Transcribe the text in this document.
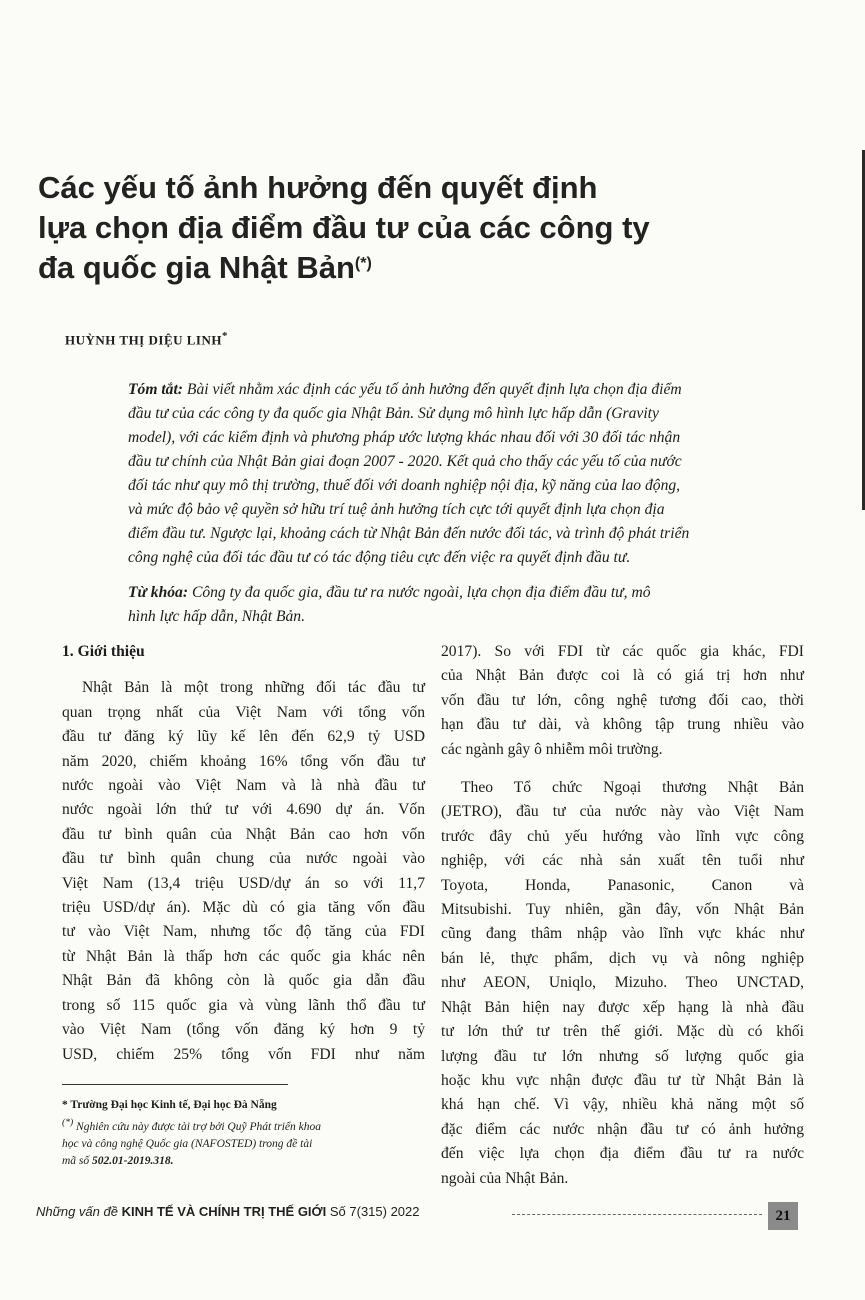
Các yếu tố ảnh hưởng đến quyết định
lựa chọn địa điểm đầu tư của các công ty
đa quốc gia Nhật Bản(*)
HUỲNH THỊ DIỆU LINH*
Tóm tắt: Bài viết nhằm xác định các yếu tố ảnh hưởng đến quyết định lựa chọn địa điểm
đầu tư của các công ty đa quốc gia Nhật Bản. Sử dụng mô hình lực hấp dẫn (Gravity
model), với các kiểm định và phương pháp ước lượng khác nhau đối với 30 đối tác nhận
đầu tư chính của Nhật Bản giai đoạn 2007 - 2020. Kết quả cho thấy các yếu tố của nước
đối tác như quy mô thị trường, thuế đối với doanh nghiệp nội địa, kỹ năng của lao động,
và mức độ bảo vệ quyền sở hữu trí tuệ ảnh hưởng tích cực tới quyết định lựa chọn địa
điểm đầu tư. Ngược lại, khoảng cách từ Nhật Bản đến nước đối tác, và trình độ phát triển
công nghệ của đối tác đầu tư có tác động tiêu cực đến việc ra quyết định đầu tư.
Từ khóa: Công ty đa quốc gia, đầu tư ra nước ngoài, lựa chọn địa điểm đầu tư, mô
hình lực hấp dẫn, Nhật Bản.
1. Giới thiệu
Nhật Bản là một trong những đối tác đầu tư
quan trọng nhất của Việt Nam với tổng vốn
đầu tư đăng ký lũy kế lên đến 62,9 tỷ USD
năm 2020, chiếm khoảng 16% tổng vốn đầu tư
nước ngoài vào Việt Nam và là nhà đầu tư
nước ngoài lớn thứ tư với 4.690 dự án. Vốn
đầu tư bình quân của Nhật Bản cao hơn vốn
đầu tư bình quân chung của nước ngoài vào
Việt Nam (13,4 triệu USD/dự án so với 11,7
triệu USD/dự án). Mặc dù có gia tăng vốn đầu
tư vào Việt Nam, nhưng tốc độ tăng của FDI
từ Nhật Bản là thấp hơn các quốc gia khác nên
Nhật Bản đã không còn là quốc gia dẫn đầu
trong số 115 quốc gia và vùng lãnh thổ đầu tư
vào Việt Nam (tổng vốn đăng ký hơn 9 tỷ
USD, chiếm 25% tổng vốn FDI như năm
2017). So với FDI từ các quốc gia khác, FDI
của Nhật Bản được coi là có giá trị hơn như
vốn đầu tư lớn, công nghệ tương đối cao, thời
hạn đầu tư dài, và không tập trung nhiều vào
các ngành gây ô nhiễm môi trường.
Theo Tổ chức Ngoại thương Nhật Bản
(JETRO), đầu tư của nước này vào Việt Nam
trước đây chủ yếu hướng vào lĩnh vực công
nghiệp, với các nhà sản xuất tên tuổi như
Toyota, Honda, Panasonic, Canon và
Mitsubishi. Tuy nhiên, gần đây, vốn Nhật Bản
cũng đang thâm nhập vào lĩnh vực khác như
bán lẻ, thực phẩm, dịch vụ và nông nghiệp
như AEON, Uniqlo, Mizuho. Theo UNCTAD,
Nhật Bản hiện nay được xếp hạng là nhà đầu
tư lớn thứ tư trên thế giới. Mặc dù có khối
lượng đầu tư lớn nhưng số lượng quốc gia
hoặc khu vực nhận được đầu tư từ Nhật Bản là
khá hạn chế. Vì vậy, nhiều khả năng một số
đặc điểm các nước nhận đầu tư có ảnh hưởng
đến việc lựa chọn địa điểm đầu tư ra nước
ngoài của Nhật Bản.
* Trường Đại học Kinh tế, Đại học Đà Nẵng
(*) Nghiên cứu này được tài trợ bởi Quỹ Phát triển khoa
học và công nghệ Quốc gia (NAFOSTED) trong đề tài
mã số 502.01-2019.318.
Những vấn đề KINH TẾ VÀ CHÍNH TRỊ THẾ GIỚI Số 7(315) 2022	21
